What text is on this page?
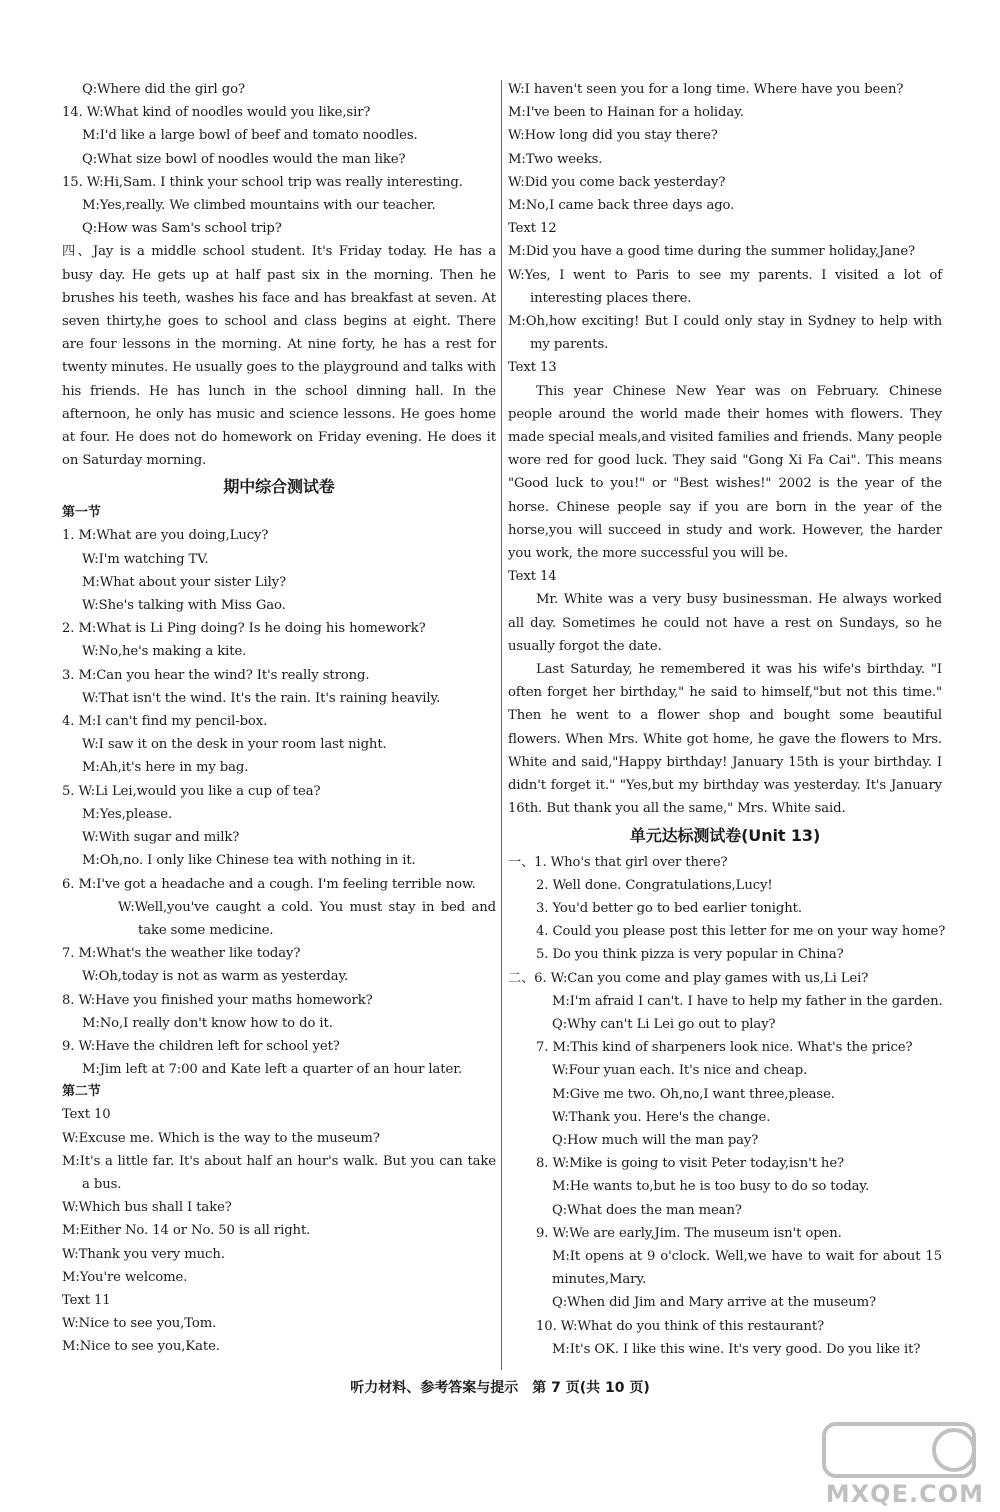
Q:Where did the girl go?
14. W:What kind of noodles would you like,sir?
M:I'd like a large bowl of beef and tomato noodles.
Q:What size bowl of noodles would the man like?
15. W:Hi,Sam. I think your school trip was really interesting.
M:Yes,really. We climbed mountains with our teacher.
Q:How was Sam's school trip?
四、Jay is a middle school student. It's Friday today. He has a busy day. He gets up at half past six in the morning. Then he brushes his teeth, washes his face and has breakfast at seven. At seven thirty,he goes to school and class begins at eight. There are four lessons in the morning. At nine forty, he has a rest for twenty minutes. He usually goes to the playground and talks with his friends. He has lunch in the school dinning hall. In the afternoon, he only has music and science lessons. He goes home at four. He does not do homework on Friday evening. He does it on Saturday morning.
期中综合测试卷
第一节
1. M:What are you doing,Lucy?
W:I'm watching TV.
M:What about your sister Lily?
W:She's talking with Miss Gao.
2. M:What is Li Ping doing? Is he doing his homework?
W:No,he's making a kite.
3. M:Can you hear the wind? It's really strong.
W:That isn't the wind. It's the rain. It's raining heavily.
4. M:I can't find my pencil-box.
W:I saw it on the desk in your room last night.
M:Ah,it's here in my bag.
5. W:Li Lei,would you like a cup of tea?
M:Yes,please.
W:With sugar and milk?
M:Oh,no. I only like Chinese tea with nothing in it.
6. M:I've got a headache and a cough. I'm feeling terrible now.
W:Well,you've caught a cold. You must stay in bed and take some medicine.
7. M:What's the weather like today?
W:Oh,today is not as warm as yesterday.
8. W:Have you finished your maths homework?
M:No,I really don't know how to do it.
9. W:Have the children left for school yet?
M:Jim left at 7:00 and Kate left a quarter of an hour later.
第二节
Text 10
W:Excuse me. Which is the way to the museum?
M:It's a little far. It's about half an hour's walk. But you can take a bus.
W:Which bus shall I take?
M:Either No. 14 or No. 50 is all right.
W:Thank you very much.
M:You're welcome.
Text 11
W:Nice to see you,Tom.
M:Nice to see you,Kate.
W:I haven't seen you for a long time. Where have you been?
M:I've been to Hainan for a holiday.
W:How long did you stay there?
M:Two weeks.
W:Did you come back yesterday?
M:No,I came back three days ago.
Text 12
M:Did you have a good time during the summer holiday,Jane?
W:Yes, I went to Paris to see my parents. I visited a lot of interesting places there.
M:Oh,how exciting! But I could only stay in Sydney to help with my parents.
Text 13
This year Chinese New Year was on February. Chinese people around the world made their homes with flowers. They made special meals,and visited families and friends. Many people wore red for good luck. They said "Gong Xi Fa Cai". This means "Good luck to you!" or "Best wishes!" 2002 is the year of the horse. Chinese people say if you are born in the year of the horse,you will succeed in study and work. However, the harder you work, the more successful you will be.
Text 14
Mr. White was a very busy businessman. He always worked all day. Sometimes he could not have a rest on Sundays, so he usually forgot the date.
Last Saturday, he remembered it was his wife's birthday. "I often forget her birthday," he said to himself,"but not this time." Then he went to a flower shop and bought some beautiful flowers. When Mrs. White got home, he gave the flowers to Mrs. White and said,"Happy birthday! January 15th is your birthday. I didn't forget it." "Yes,but my birthday was yesterday. It's January 16th. But thank you all the same," Mrs. White said.
单元达标测试卷(Unit 13)
一、1. Who's that girl over there?
2. Well done. Congratulations,Lucy!
3. You'd better go to bed earlier tonight.
4. Could you please post this letter for me on your way home?
5. Do you think pizza is very popular in China?
二、6. W:Can you come and play games with us,Li Lei?
M:I'm afraid I can't. I have to help my father in the garden.
Q:Why can't Li Lei go out to play?
7. M:This kind of sharpeners look nice. What's the price?
W:Four yuan each. It's nice and cheap.
M:Give me two. Oh,no,I want three,please.
W:Thank you. Here's the change.
Q:How much will the man pay?
8. W:Mike is going to visit Peter today,isn't he?
M:He wants to,but he is too busy to do so today.
Q:What does the man mean?
9. W:We are early,Jim. The museum isn't open.
M:It opens at 9 o'clock. Well,we have to wait for about 15 minutes,Mary.
Q:When did Jim and Mary arrive at the museum?
10. W:What do you think of this restaurant?
M:It's OK. I like this wine. It's very good. Do you like it?
听力材料、参考答案与提示　第 7 页(共 10 页)
MXQE.COM
